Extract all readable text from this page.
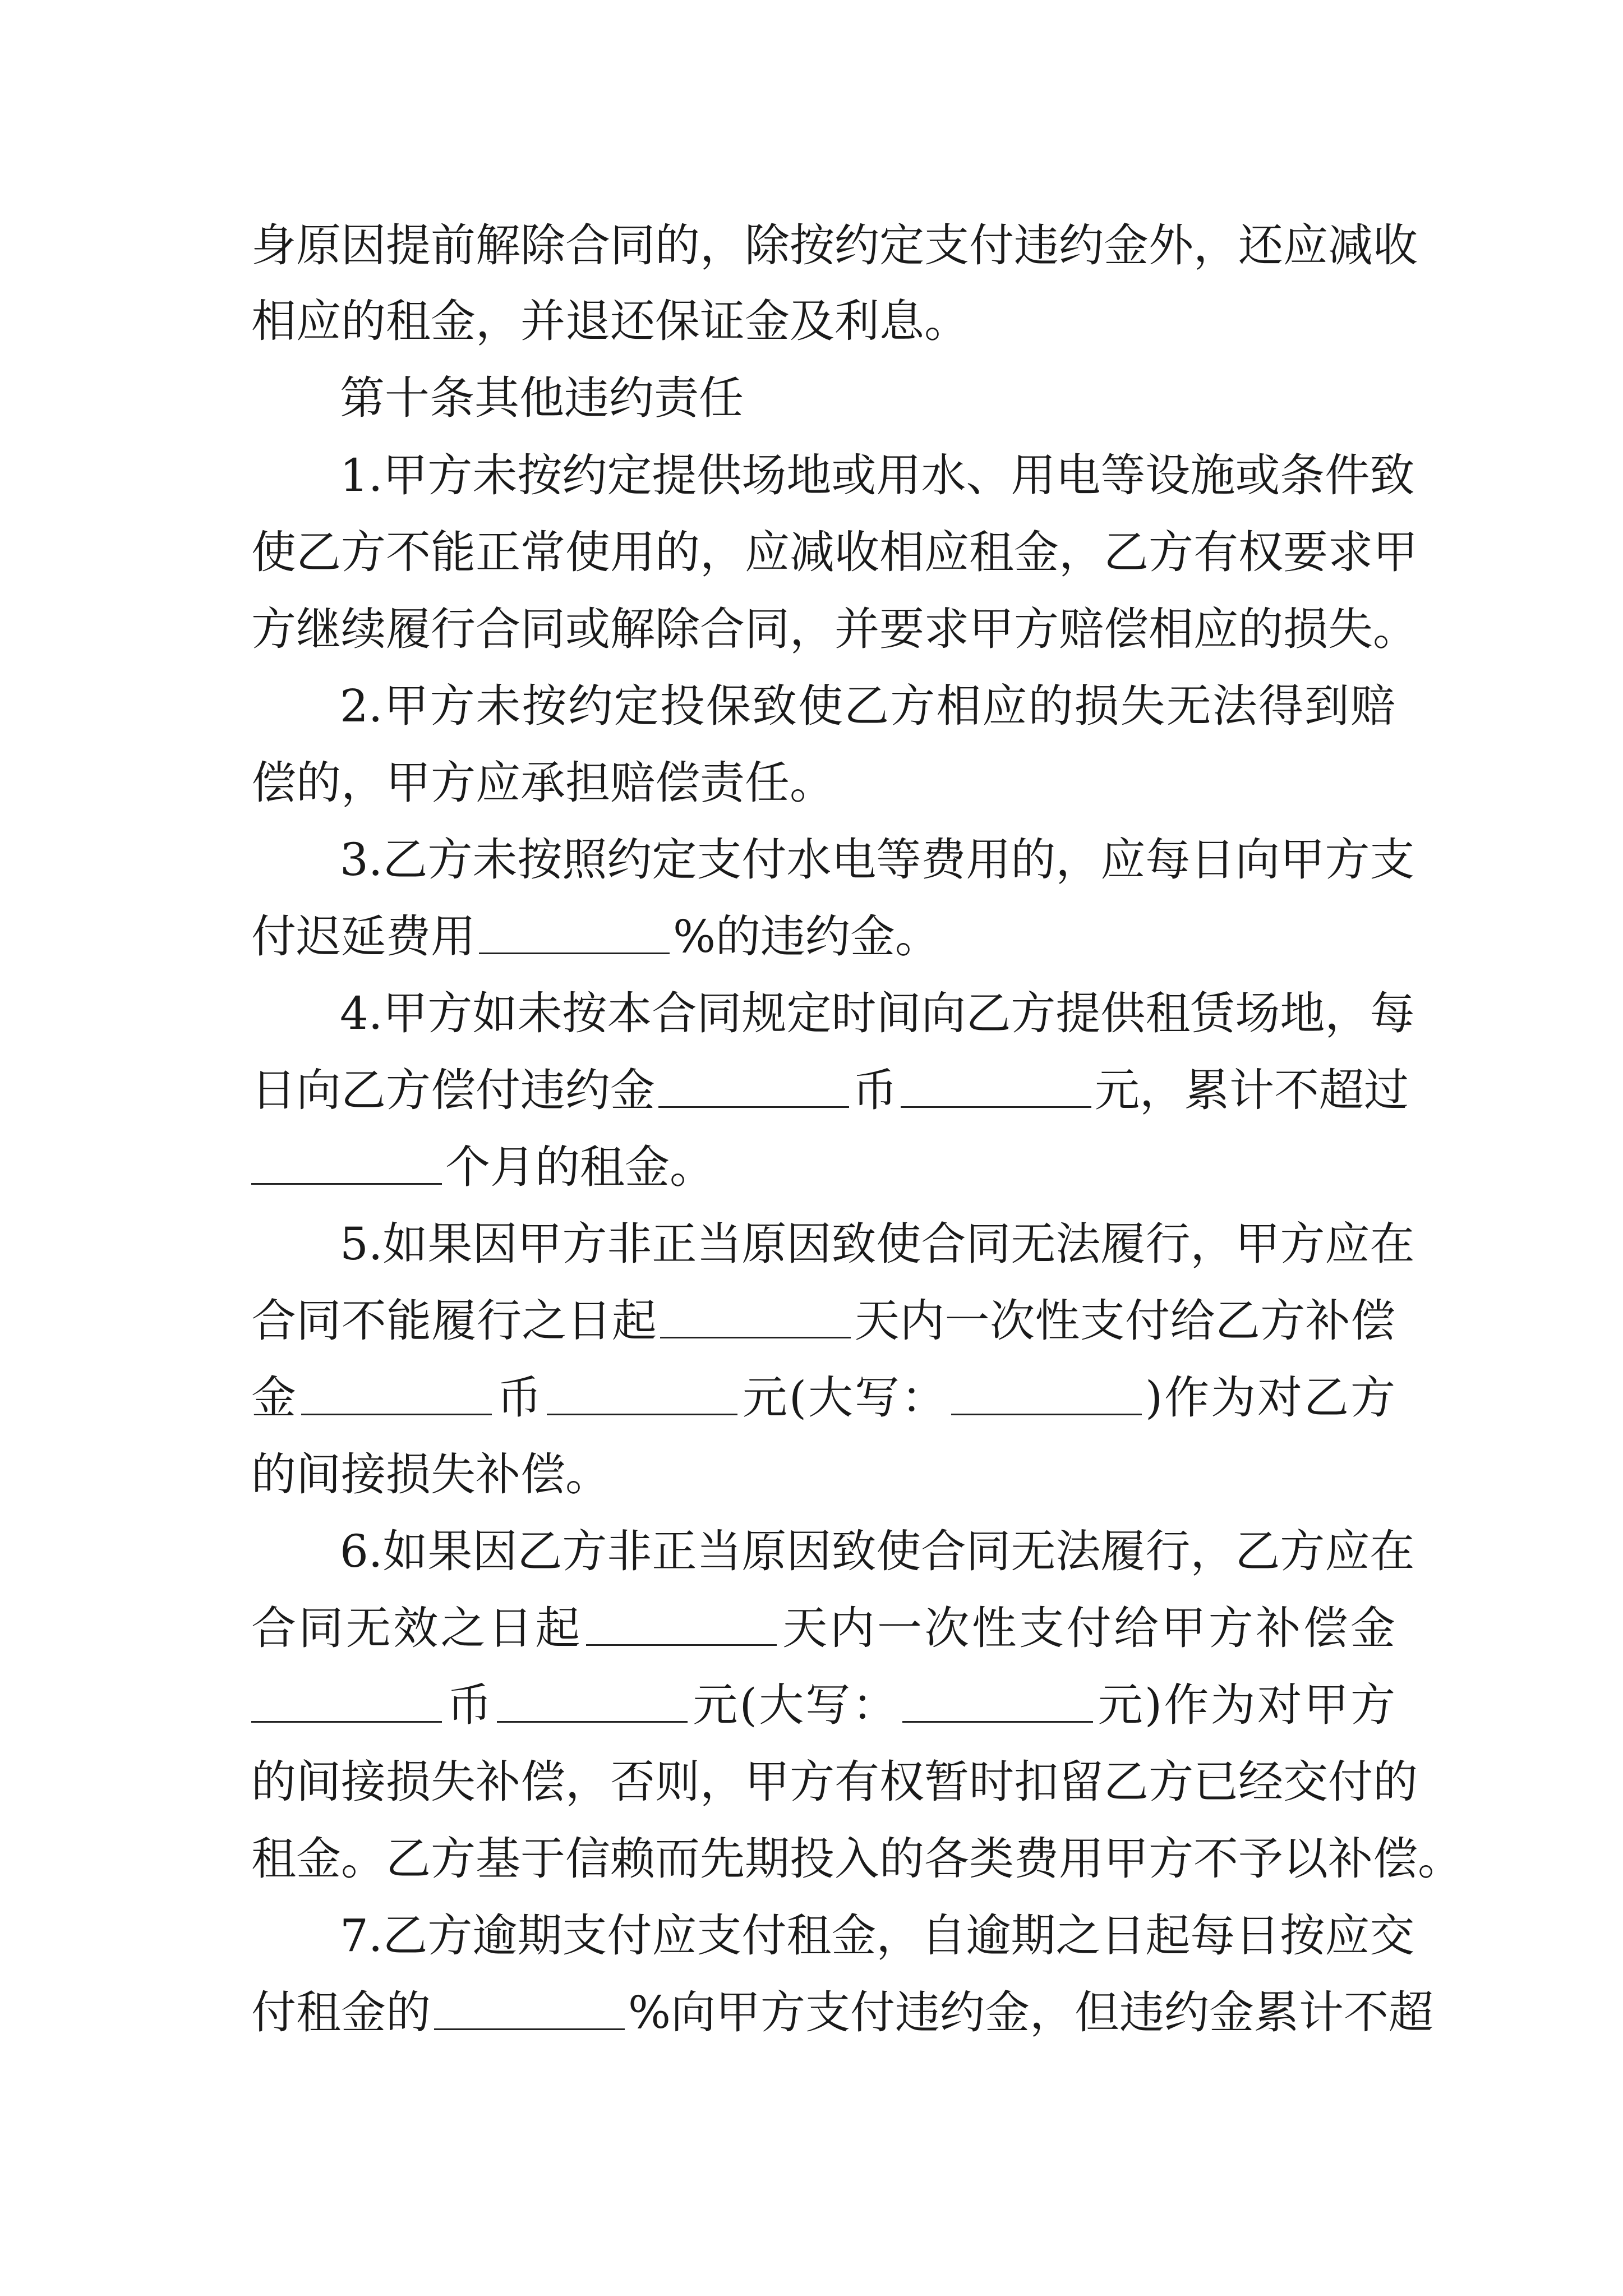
身原因提前解除合同的，除按约定支付违约金外，还应减收
相应的租金，并退还保证金及利息。
第十条其他违约责任
1.甲方未按约定提供场地或用水、用电等设施或条件致
使乙方不能正常使用的，应减收相应租金，乙方有权要求甲
方继续履行合同或解除合同，并要求甲方赔偿相应的损失。
2.甲方未按约定投保致使乙方相应的损失无法得到赔
偿的，甲方应承担赔偿责任。
3.乙方未按照约定支付水电等费用的，应每日向甲方支
付迟延费用	%的违约金。
4.甲方如未按本合同规定时间向乙方提供租赁场地，每
日向乙方偿付违约金	币	元，累计不超过
个月的租金。
5.如果因甲方非正当原因致使合同无法履行，甲方应在
合同不能履行之日起	天内一次性支付给乙方补偿
金	币	元(大写：	)作为对乙方
的间接损失补偿。
6.如果因乙方非正当原因致使合同无法履行，乙方应在
合同无效之日起	天内一次性支付给甲方补偿金
币	元(大写：	元)作为对甲方
的间接损失补偿，否则，甲方有权暂时扣留乙方已经交付的
租金。乙方基于信赖而先期投入的各类费用甲方不予以补偿。
7.乙方逾期支付应支付租金，自逾期之日起每日按应交
付租金的	%向甲方支付违约金，但违约金累计不超
